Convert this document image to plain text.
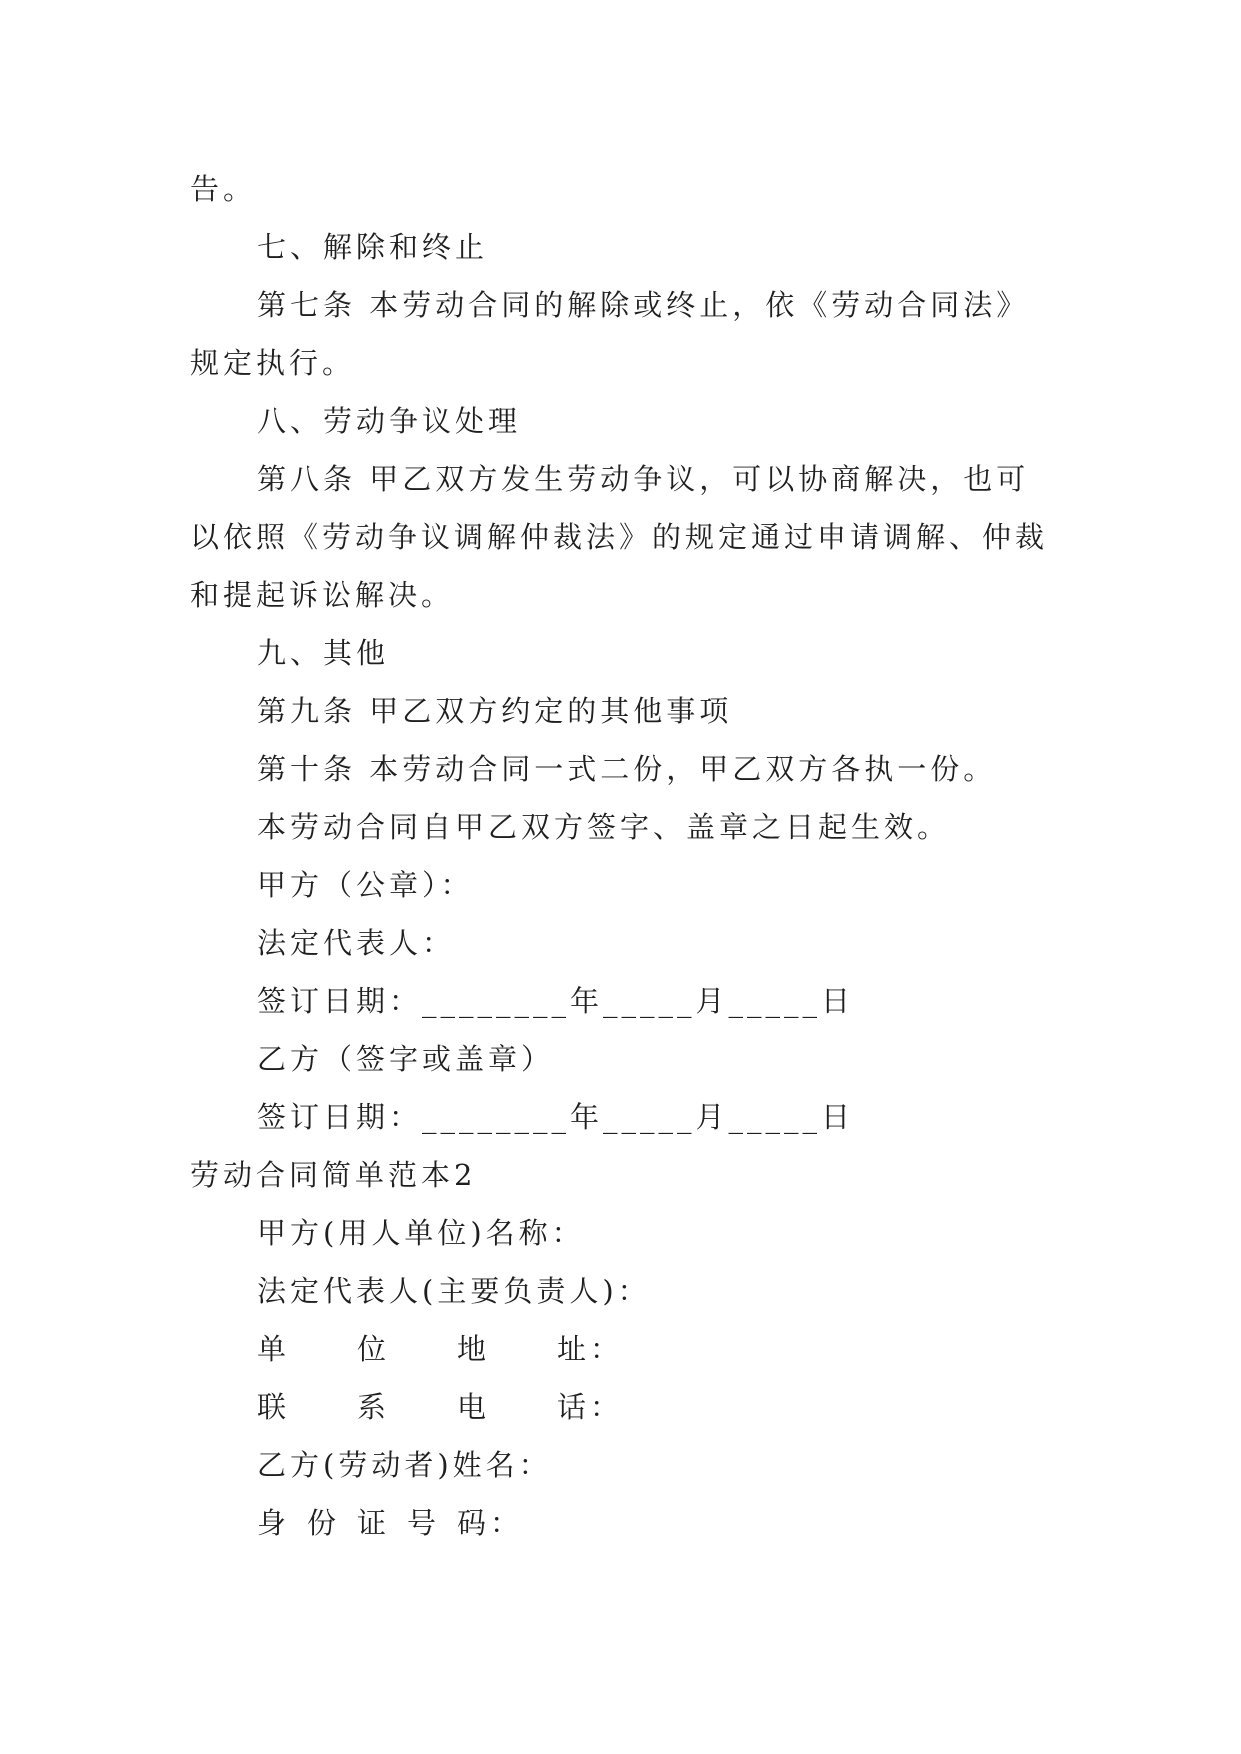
告。
七、解除和终止
第七条 本劳动合同的解除或终止，依《劳动合同法》
规定执行。
八、劳动争议处理
第八条 甲乙双方发生劳动争议，可以协商解决，也可
以依照《劳动争议调解仲裁法》的规定通过申请调解、仲裁
和提起诉讼解决。
九、其他
第九条 甲乙双方约定的其他事项
第十条 本劳动合同一式二份，甲乙双方各执一份。
本劳动合同自甲乙双方签字、盖章之日起生效。
甲方（公章）：
法定代表人：
签订日期：________年_____月_____日
乙方（签字或盖章）
签订日期：________年_____月_____日
劳动合同简单范本2
甲方(用人单位)名称：
法定代表人(主要负责人)：
单	位	地	址：
联	系	电	话：
乙方(劳动者)姓名：
身 份 证 号 码：
